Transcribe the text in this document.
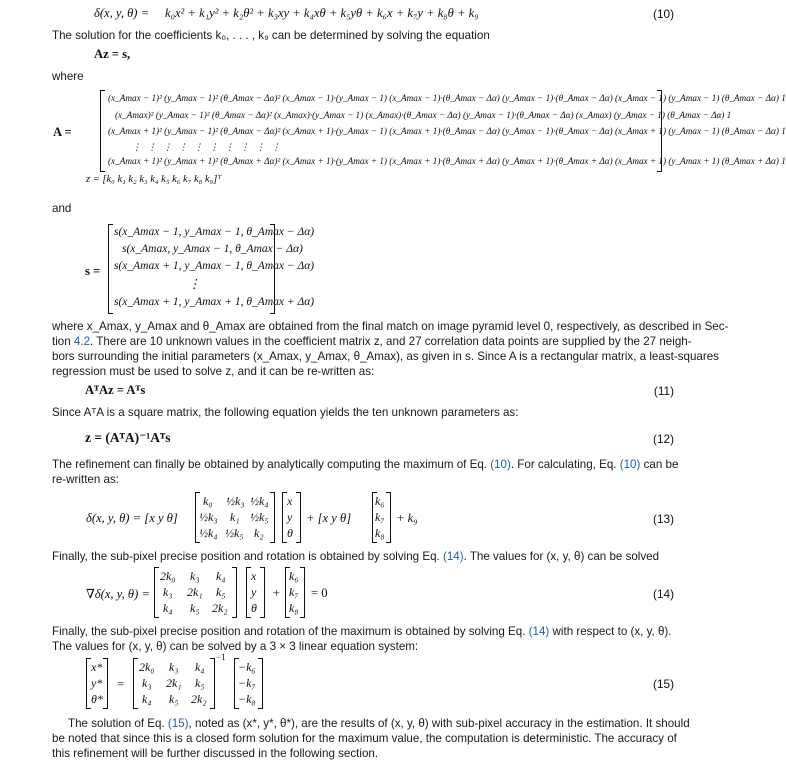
δ(x, y, θ) = k₀x² + k₁y² + k₂θ² + k₃xy + k₄xθ + k₅yθ + k₆x + k₇y + k₈θ + k₉	(10)
The solution for the coefficients k₀, . . . , k₉ can be determined by solving the equation
Az = s,
where
A =
(x_Amax − 1)² (y_Amax − 1)² (θ_Amax − Δα)² (x_Amax − 1)·(y_Amax − 1) (x_Amax − 1)·(θ_Amax − Δα) (y_Amax − 1)·(θ_Amax − Δα) (x_Amax − 1) (y_Amax − 1) (θ_Amax − Δα) 1
(x_Amax)² (y_Amax − 1)² (θ_Amax − Δα)² (x_Amax)·(y_Amax − 1) (x_Amax)·(θ_Amax − Δα) (y_Amax − 1)·(θ_Amax − Δα) (x_Amax) (y_Amax − 1) (θ_Amax − Δα) 1
(x_Amax + 1)² (y_Amax − 1)² (θ_Amax − Δα)² (x_Amax + 1)·(y_Amax − 1) (x_Amax + 1)·(θ_Amax − Δα) (y_Amax − 1)·(θ_Amax − Δα) (x_Amax + 1) (y_Amax − 1) (θ_Amax − Δα) 1
⋮ ⋮ ⋮ ⋮ ⋮ ⋮ ⋮ ⋮ ⋮ ⋮
(x_Amax + 1)² (y_Amax + 1)² (θ_Amax + Δα)² (x_Amax + 1)·(y_Amax + 1) (x_Amax + 1)·(θ_Amax + Δα) (y_Amax + 1)·(θ_Amax + Δα) (x_Amax + 1) (y_Amax + 1) (θ_Amax + Δα) 1
z = [k₀ k₁ k₂ k₃ k₄ k₅ k₆ k₇ k₈ k₉]ᵀ
and
s =
s(x_Amax − 1, y_Amax − 1, θ_Amax − Δα)
s(x_Amax, y_Amax − 1, θ_Amax − Δα)
s(x_Amax + 1, y_Amax − 1, θ_Amax − Δα)
⋮
s(x_Amax + 1, y_Amax + 1, θ_Amax + Δα)
where x_Amax, y_Amax and θ_Amax are obtained from the final match on image pyramid level 0, respectively, as described in Sec-
tion 4.2. There are 10 unknown values in the coefficient matrix z, and 27 correlation data points are supplied by the 27 neigh-
bors surrounding the initial parameters (x_Amax, y_Amax, θ_Amax), as given in s. Since A is a rectangular matrix, a least-squares
regression must be used to solve z, and it can be re-written as:
AᵀAz = Aᵀs	(11)
Since AᵀA is a square matrix, the following equation yields the ten unknown parameters as:
z = (AᵀA)⁻¹Aᵀs	(12)
The refinement can finally be obtained by analytically computing the maximum of Eq. (10). For calculating, Eq. (10) can be
re-written as:
δ(x, y, θ) = [x y θ]
k₀ ½k₃ ½k₄
½k₃ k₁ ½k₅
½k₄ ½k₅ k₂
x
y
θ
+ [x y θ]
k₆
k₇
k₈
+ k₉	(13)
Finally, the sub-pixel precise position and rotation is obtained by solving Eq. (14). The values for (x, y, θ) can be solved
∇δ(x, y, θ) =
2k₀ k₃ k₄
k₃ 2k₁ k₅
k₄ k₅ 2k₂
x
y
θ
+
k₆
k₇
k₈
= 0	(14)
Finally, the sub-pixel precise position and rotation of the maximum is obtained by solving Eq. (14) with respect to (x, y, θ).
The values for (x, y, θ) can be solved by a 3 × 3 linear equation system:
x*
y*
θ*
=
2k₀ k₃ k₄
k₃ 2k₁ k₅
k₄ k₅ 2k₂
−1
−k₆
−k₇
−k₈
(15)
The solution of Eq. (15), noted as (x*, y*, θ*), are the results of (x, y, θ) with sub-pixel accuracy in the estimation. It should
be noted that since this is a closed form solution for the maximum value, the computation is deterministic. The accuracy of
this refinement will be further discussed in the following section.
